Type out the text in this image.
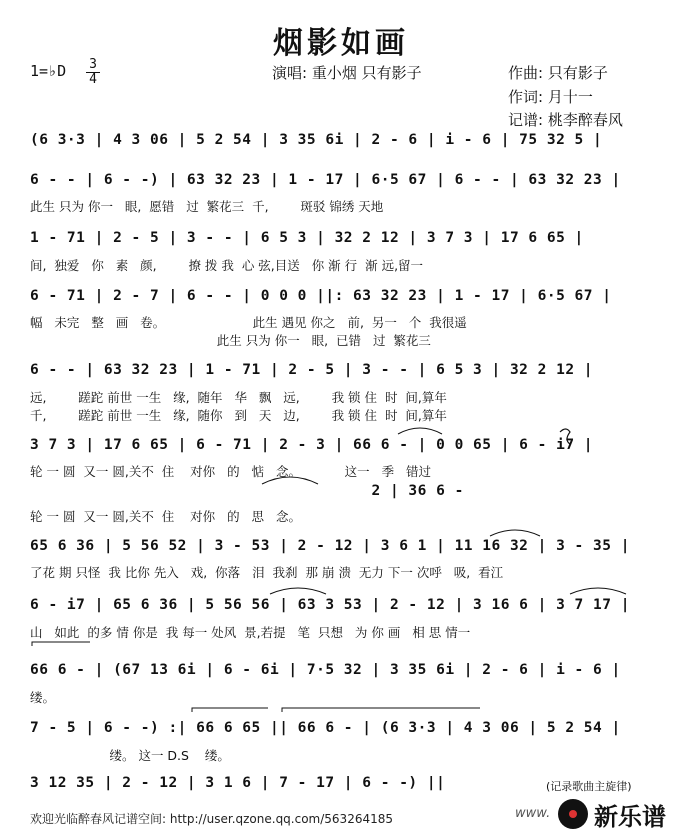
烟影如画
1=♭D 3
4	演唱: 重小烟 只有影子	作曲: 只有影子
作词: 月十一
记谱: 桃李醉春风
(6 3·3 | 4 3 06 | 5 2 54 | 3 35 6i | 2 - 6 | i - 6 | 75 32 5 |
6 - - | 6 - -) | 63 32 23 | 1 - 17 | 6·5 67 | 6 - - | 63 32 23 |
此生 只为 你一   眼,  愿错   过  繁花三  千,        斑驳 锦绣 天地
1 - 71 | 2 - 5 | 3 - - | 6 5 3 | 32 2 12 | 3 7 3 | 17 6 65 |
间,  独爱   你   素   颜,        撩 拨 我  心 弦,目送   你 渐 行  渐 远,留一
6 - 71 | 2 - 7 | 6 - - | 0 0 0 ||: 63 32 23 | 1 - 17 | 6·5 67 |
幅   未完   整   画   卷。                      此生 遇见 你之   前,  另一   个  我很遥
此生 只为 你一   眼,  已错   过  繁花三
6 - - | 63 32 23 | 1 - 71 | 2 - 5 | 3 - - | 6 5 3 | 32 2 12 |
远,        蹉跎 前世 一生   缘,  随年   华   飘   远,        我 锁 住  时  间,算年
千,        蹉跎 前世 一生   缘,  随你   到   天   边,        我 锁 住  时  间,算年
3 7 3 | 17 6 65 | 6 - 71 | 2 - 3 | 66 6 - | 0 0 65 | 6 - i7 |
轮 一 圆  又一 圆,关不  住    对你   的   惦   念。           这一   季   错过
2 | 36 6 -
轮 一 圆  又一 圆,关不  住    对你   的   思   念。
65 6 36 | 5 56 52 | 3 - 53 | 2 - 12 | 3 6 1 | 11 16 32 | 3 - 35 |
了花 期 只怪  我 比你 先入   戏,  你落   泪  我刹  那 崩 溃  无力 下一 次呼   吸,  看江
6 - i7 | 65 6 36 | 5 56 56 | 63 3 53 | 2 - 12 | 3 16 6 | 3 7 17 |
山   如此  的多 情 你是  我 每一 处风  景,若提   笔  只想   为 你 画   相 思 情一
66 6 - | (67 13 6i | 6 - 6i | 7·5 32 | 3 35 6i | 2 - 6 | i - 6 |
缕。
7 - 5 | 6 - -) :| 66 6 65 || 66 6 - | (6 3·3 | 4 3 06 | 5 2 54 |
缕。 这一 D.S    缕。
3 12 35 | 2 - 12 | 3 1 6 | 7 - 17 | 6 - -) ||	(记录歌曲主旋律)
欢迎光临醉春风记谱空间: http://user.qzone.qq.com/563264185	www. 新乐谱
